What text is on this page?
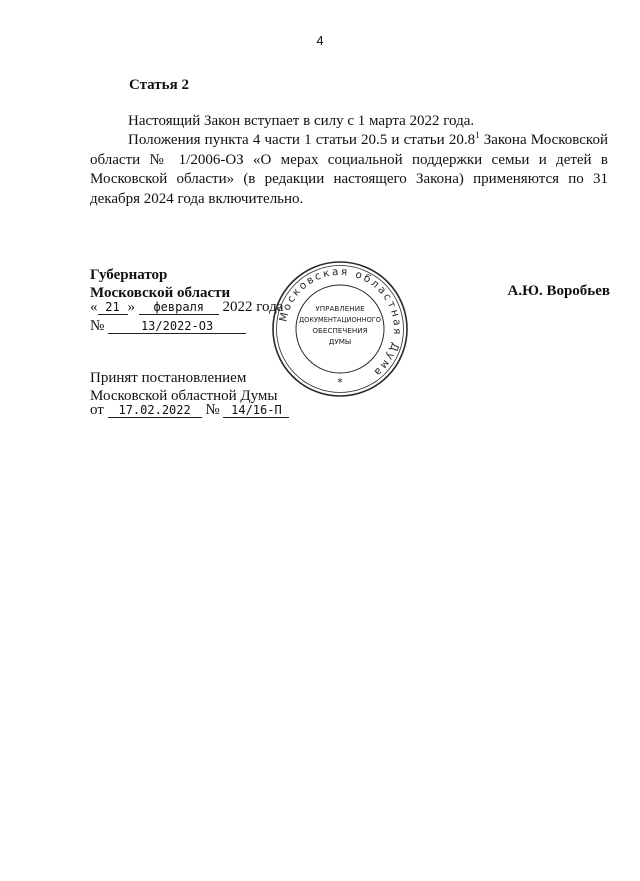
4
Статья 2
Настоящий Закон вступает в силу с 1 марта 2022 года.
Положения пункта 4 части 1 статьи 20.5 и статьи 20.8$^1$ Закона Московской области № 1/2006-ОЗ «О мерах социальной поддержки семьи и детей в Московской области» (в редакции настоящего Закона) применяются по 31 декабря 2024 года включительно.
Губернатор
Московской области	А.Ю. Воробьев
« 21 » февраля 2022 года
№	13/2022-ОЗ
Московская областная Дума
УПРАВЛЕНИЕ
ДОКУМЕНТАЦИОННОГО
ОБЕСПЕЧЕНИЯ
ДУМЫ
*
Принят постановлением
Московской областной Думы
от 17.02.2022 № 14/16-П
